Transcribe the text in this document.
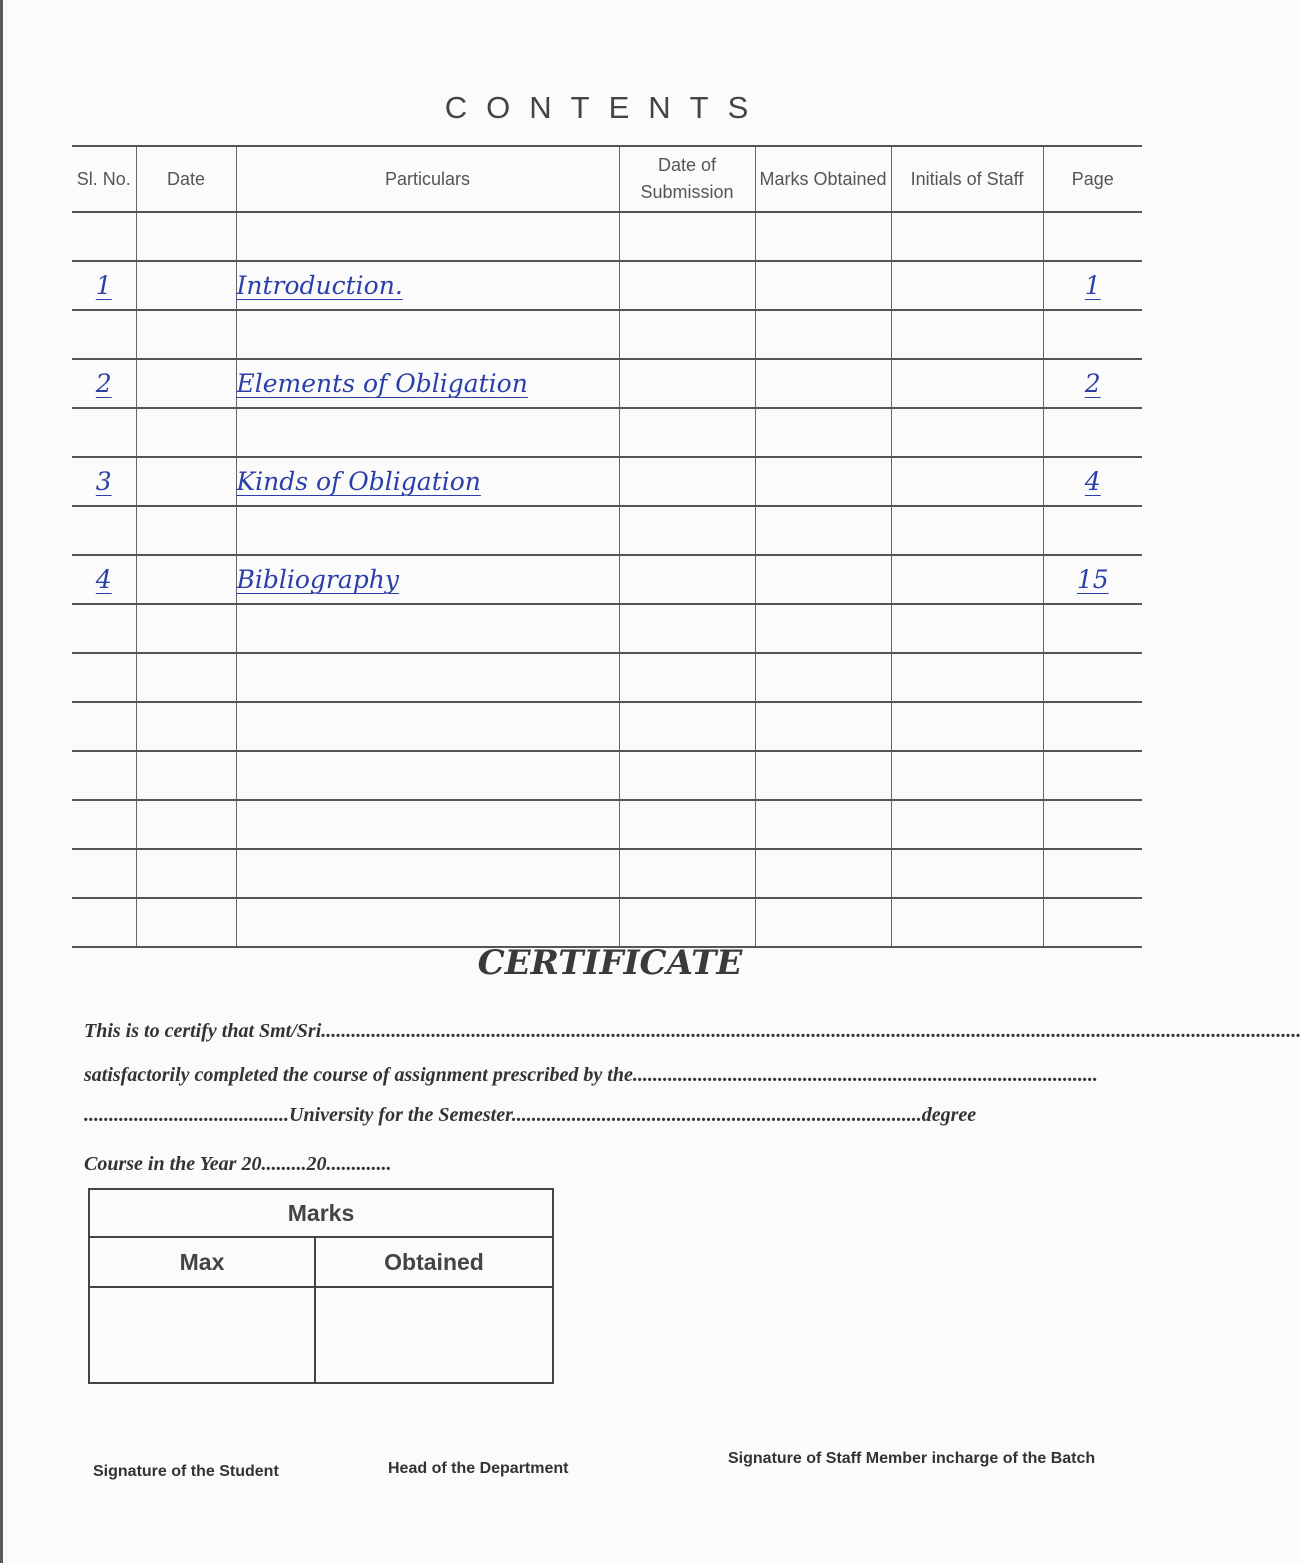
CONTENTS
Sl. No.	Date	Particulars	Date of Submission	Marks Obtained	Initials of Staff	Page

1		Introduction.				1

2		Elements of Obligation				2

3		Kinds of Obligation				4

4		Bibliography				15

CERTIFICATE
This is to certify that Smt/Sri....................................................................................................................................................................................................
satisfactorily completed the course of assignment prescribed by the.............................................................................................
.........................................University for the Semester..................................................................................degree
Course in the Year 20.........20.............
Marks	
Max	Obtained

Signature of the Student	Head of the Department
Signature of Staff Member incharge of the Batch
